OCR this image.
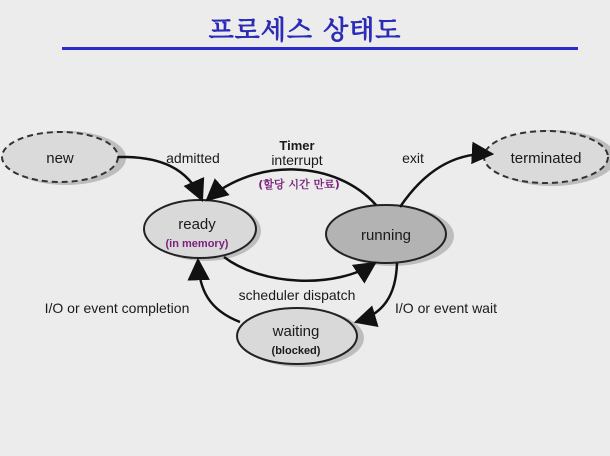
프로세스 상태도
new	terminated
ready
(in memory)	running
waiting
(blocked)
admitted	exit
Timer
interrupt
(할당 시간 만료)
scheduler dispatch
I/O or event completion	I/O or event wait
